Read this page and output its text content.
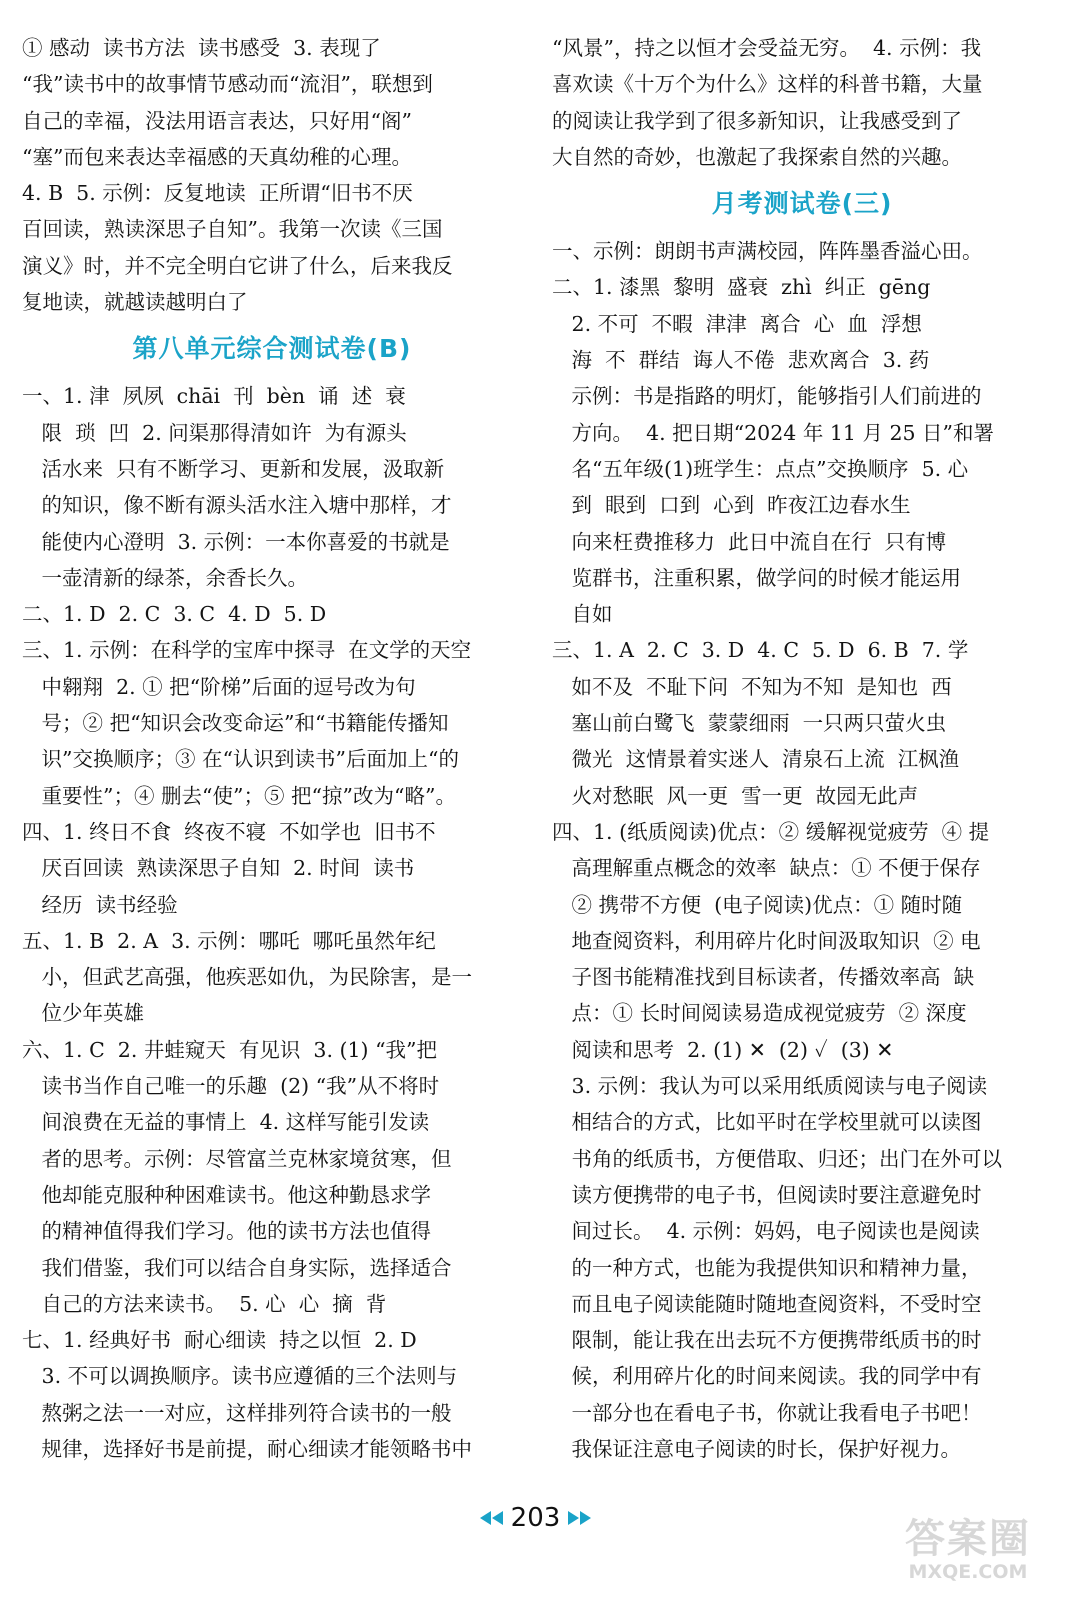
① 感动  读书方法  读书感受  3. 表现了
“我”读书中的故事情节感动而“流泪”，联想到
自己的幸福，没法用语言表达，只好用“阁”
“塞”而包来表达幸福感的天真幼稚的心理。
4. B  5. 示例：反复地读  正所谓“旧书不厌
百回读，熟读深思子自知”。我第一次读《三国
演义》时，并不完全明白它讲了什么，后来我反
复地读，就越读越明白了
第八单元综合测试卷(B)
一、1. 津  夙夙  chāi  刊  bèn  诵  述  衰
限  琐  凹  2. 问渠那得清如许  为有源头
活水来  只有不断学习、更新和发展，汲取新
的知识，像不断有源头活水注入塘中那样，才
能使内心澄明  3. 示例：一本你喜爱的书就是
一壶清新的绿茶，余香长久。
二、1. D  2. C  3. C  4. D  5. D
三、1. 示例：在科学的宝库中探寻  在文学的天空
中翱翔  2. ① 把“阶梯”后面的逗号改为句
号；② 把“知识会改变命运”和“书籍能传播知
识”交换顺序；③ 在“认识到读书”后面加上“的
重要性”；④ 删去“使”；⑤ 把“掠”改为“略”。
四、1. 终日不食  终夜不寝  不如学也  旧书不
厌百回读  熟读深思子自知  2. 时间  读书
经历  读书经验
五、1. B  2. A  3. 示例：哪吒  哪吒虽然年纪
小，但武艺高强，他疾恶如仇，为民除害，是一
位少年英雄
六、1. C  2. 井蛙窥天  有见识  3. (1) “我”把
读书当作自己唯一的乐趣  (2) “我”从不将时
间浪费在无益的事情上  4. 这样写能引发读
者的思考。示例：尽管富兰克林家境贫寒，但
他却能克服种种困难读书。他这种勤恳求学
的精神值得我们学习。他的读书方法也值得
我们借鉴，我们可以结合自身实际，选择适合
自己的方法来读书。  5. 心  心  摘  背
七、1. 经典好书  耐心细读  持之以恒  2. D
3. 不可以调换顺序。读书应遵循的三个法则与
熬粥之法一一对应，这样排列符合读书的一般
规律，选择好书是前提，耐心细读才能领略书中
“风景”，持之以恒才会受益无穷。  4. 示例：我
喜欢读《十万个为什么》这样的科普书籍，大量
的阅读让我学到了很多新知识，让我感受到了
大自然的奇妙，也激起了我探索自然的兴趣。
月考测试卷(三)
一、示例：朗朗书声满校园，阵阵墨香溢心田。
二、1. 漆黑  黎明  盛衰  zhì  纠正  gēng
2. 不可  不暇  津津  离合  心  血  浮想
海  不  群结  诲人不倦  悲欢离合  3. 药
示例：书是指路的明灯，能够指引人们前进的
方向。  4. 把日期“2024 年 11 月 25 日”和署
名“五年级(1)班学生：点点”交换顺序  5. 心
到  眼到  口到  心到  昨夜江边春水生
向来枉费推移力  此日中流自在行  只有博
览群书，注重积累，做学问的时候才能运用
自如
三、1. A  2. C  3. D  4. C  5. D  6. B  7. 学
如不及  不耻下问  不知为不知  是知也  西
塞山前白鹭飞  蒙蒙细雨  一只两只萤火虫
微光  这情景着实迷人  清泉石上流  江枫渔
火对愁眠  风一更  雪一更  故园无此声
四、1. (纸质阅读)优点：② 缓解视觉疲劳  ④ 提
高理解重点概念的效率  缺点：① 不便于保存
② 携带不方便  (电子阅读)优点：① 随时随
地查阅资料，利用碎片化时间汲取知识  ② 电
子图书能精准找到目标读者，传播效率高  缺
点：① 长时间阅读易造成视觉疲劳  ② 深度
阅读和思考  2. (1) ✕  (2) ✓  (3) ✕
3. 示例：我认为可以采用纸质阅读与电子阅读
相结合的方式，比如平时在学校里就可以读图
书角的纸质书，方便借取、归还；出门在外可以
读方便携带的电子书，但阅读时要注意避免时
间过长。  4. 示例：妈妈，电子阅读也是阅读
的一种方式，也能为我提供知识和精神力量，
而且电子阅读能随时随地查阅资料，不受时空
限制，能让我在出去玩不方便携带纸质书的时
候，利用碎片化的时间来阅读。我的同学中有
一部分也在看电子书，你就让我看电子书吧！
我保证注意电子阅读的时长，保护好视力。
203	答案圈
MXQE.COM
